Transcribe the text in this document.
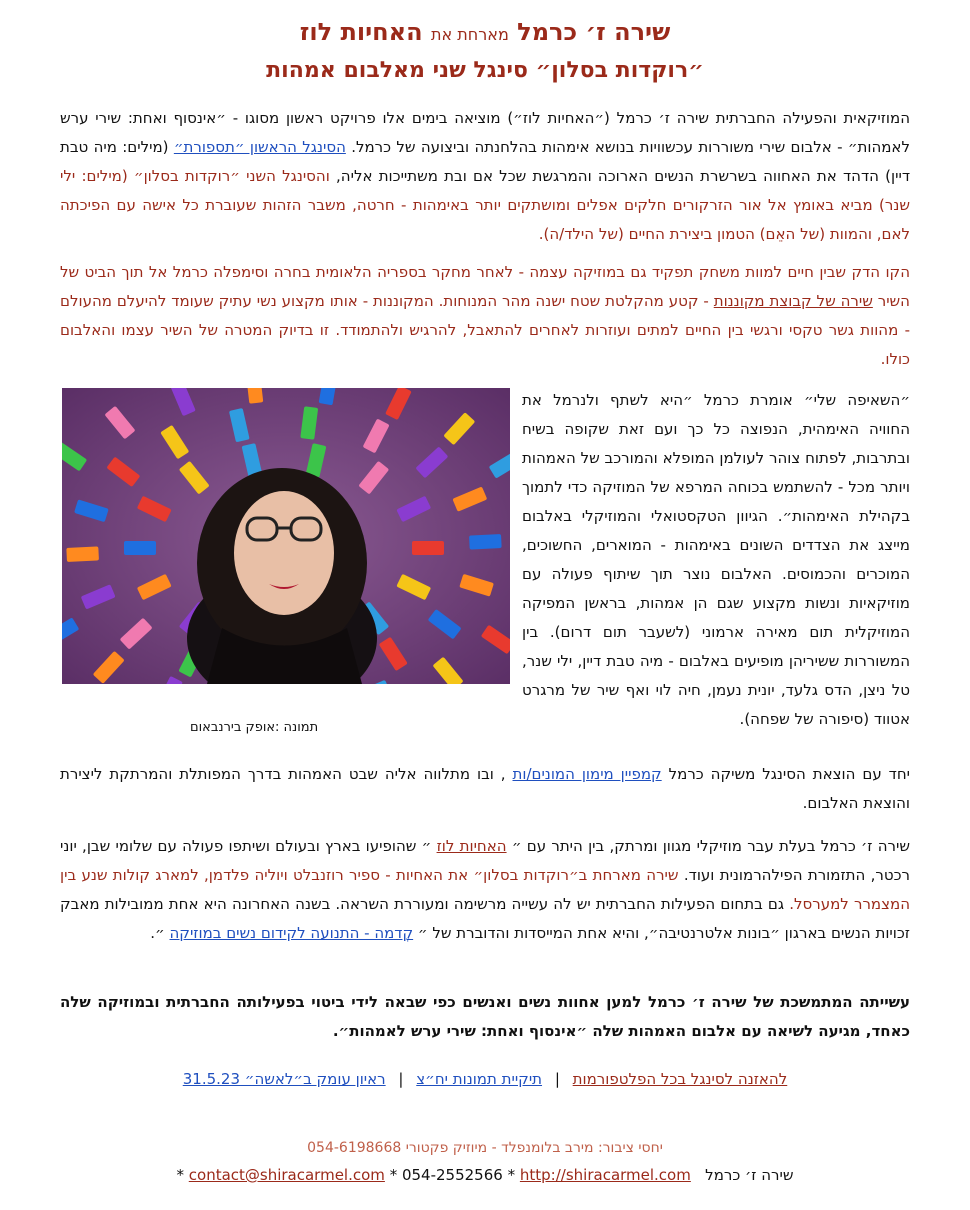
שירה ז׳ כרמל מארחת את האחיות לוז
״רוקדות בסלון״ סינגל שני מאלבום אמהות
המוזיקאית והפעילה החברתית שירה ז׳ כרמל (״האחיות לוז״) מוציאה בימים אלו פרויקט ראשון מסוגו - ״אינסוף ואחת: שירי ערש לאמהות״ - אלבום שירי משוררות עכשוויות בנושא אימהות בהלחנתה וביצועה של כרמל. הסינגל הראשון ״תספורת״ (מילים: מיה טבת דיין) הדהד את האחווה בשרשרת הנשים הארוכה והמרגשת שכל אם ובת משתייכות אליה, והסינגל השני ״רוקדות בסלון״ (מילים: ילי שנר) מביא באומץ אל אור הזרקורים חלקים אפלים ומושתקים יותר באימהות - חרטה, משבר הזהות שעוברת כל אישה עם הפיכתה לאם, והמוות (של האֵם) הטמון ביצירת החיים (של הילד/ה).
הקו הדק שבין חיים למוות משחק תפקיד גם במוזיקה עצמה - לאחר מחקר בספריה הלאומית בחרה וסימפלה כרמל אל תוך הביט של השיר שירה של קבוצת מקוננות - קטע מהקלטת שטח ישנה מהר המנוחות. המקוננות - אותו מקצוע נשי עתיק שעומד להיעלם מהעולם - מהוות גשר טקסי ורגשי בין החיים למתים ועוזרות לאחרים להתאבל, להרגיש ולהתמודד. זו בדיוק המטרה של השיר עצמו והאלבום כולו.
״השאיפה שלי״ אומרת כרמל ״היא לשתף ולנרמל את החוויה האימהית, הנפוצה כל כך ועם זאת שקופה בשיח ובתרבות, לפתוח צוהר לעולמן המופלא והמורכב של האמהות ויותר מכל - להשתמש בכוחה המרפא של המוזיקה כדי לתמוך בקהילת האימהות״. הגיוון הטקסטואלי והמוזיקלי באלבום מייצג את הצדדים השונים באימהות - המוארים, החשוכים, המוכרים והכמוסים. האלבום נוצר תוך שיתוף פעולה עם מוזיקאיות ונשות מקצוע שגם הן אמהות, בראשן המפיקה המוזיקלית תום מאירה ארמוני (לשעבר תום דרום). בין המשוררות ששיריהן מופיעים באלבום - מיה טבת דיין, ילי שנר, טל ניצן, הדס גלעד, יונית נעמן, חיה לוי ואף שיר של מרגרט אטווד (סיפורה של שפחה).
תמונה :אופק בירנבאום
יחד עם הוצאת הסינגל משיקה כרמל קמפיין מימון המונים/ות , ובו מתלווה אליה שבט האמהות בדרך המפותלת והמרתקת ליצירת והוצאת האלבום.
שירה ז׳ כרמל בעלת עבר מוזיקלי מגוון ומרתק, בין היתר עם ״ האחיות לוז ״ שהופיעו בארץ ובעולם ושיתפו פעולה עם שלומי שבן, יוני רכטר, התזמורת הפילהרמונית ועוד. שירה מארחת ב״רוקדות בסלון״ את האחיות - ספיר רוזנבלט ויוליה פלדמן, למארג קולות שנע בין המצמרר למערסל. גם בתחום הפעילות החברתית יש לה עשייה מרשימה ומעוררת השראה. בשנה האחרונה היא אחת ממובילות מאבק זכויות הנשים בארגון ״בונות אלטרנטיבה״, והיא אחת המייסדות והדוברת של ״ קֶדמה - התנועה לקידום נשים במוזיקה ״.
עשייתה המתמשכת של שירה ז׳ כרמל למען אחוות נשים ואנשים כפי שבאה לידי ביטוי בפעילותה החברתית ובמוזיקה שלה כאחד, מגיעה לשיאה עם אלבום האמהות שלה ״אינסוף ואחת: שירי ערש לאמהות״.
להאזנה לסינגל בכל הפלטפורמות | תיקיית תמונות יח״צ | ראיון עומק ב״לאשה״ 31.5.23
יחסי ציבור: מירב בלומנפלד - מיוזיק פקטורי 054-6198668
שירה ז׳ כרמל   contact@shiracarmel.com * 054-2552566 * http://shiracarmel.com *
